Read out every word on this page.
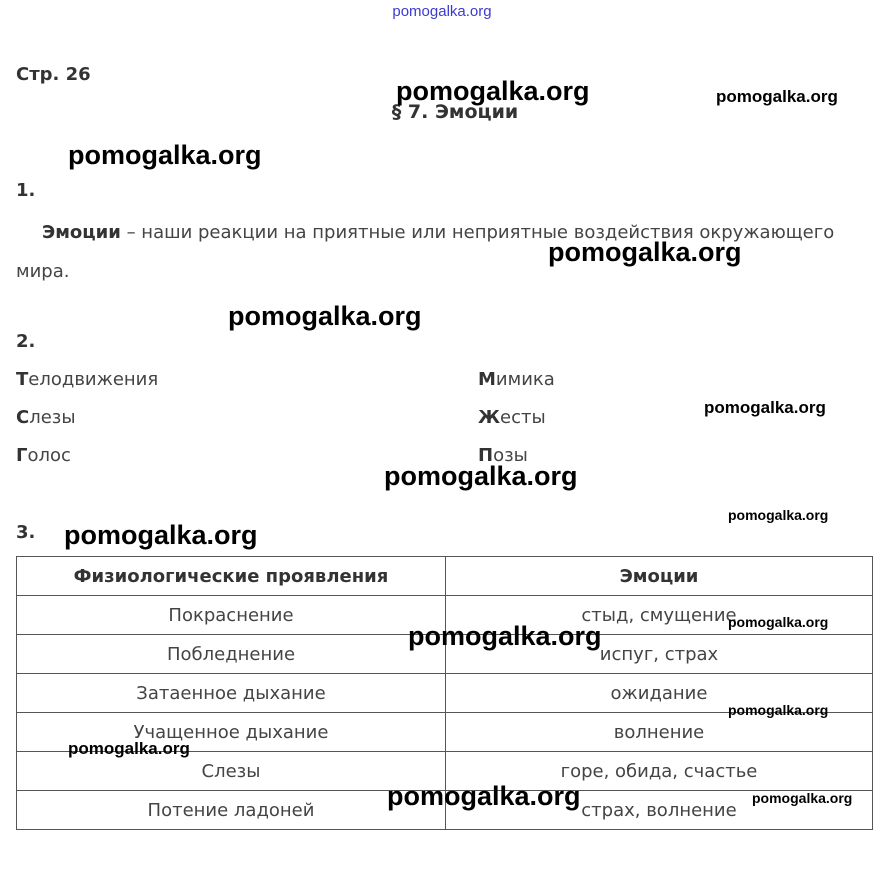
pomogalka.org
Стр. 26
§ 7. Эмоции
1.
Эмоции – наши реакции на приятные или неприятные воздействия окружающего мира.
2.
Телодвижения
Слезы
Голос
Мимика
Жесты
Позы
3.
Физиологические проявления	Эмоции
Покраснение	стыд, смущение
Побледнение	испуг, страх
Затаенное дыхание	ожидание
Учащенное дыхание	волнение
Слезы	горе, обида, счастье
Потение ладоней	страх, волнение
pomogalka.org	pomogalka.org
pomogalka.org
pomogalka.org
pomogalka.org
pomogalka.org
pomogalka.org
pomogalka.org
pomogalka.org
pomogalka.org	pomogalka.org
pomogalka.org
pomogalka.org
pomogalka.org	pomogalka.org
